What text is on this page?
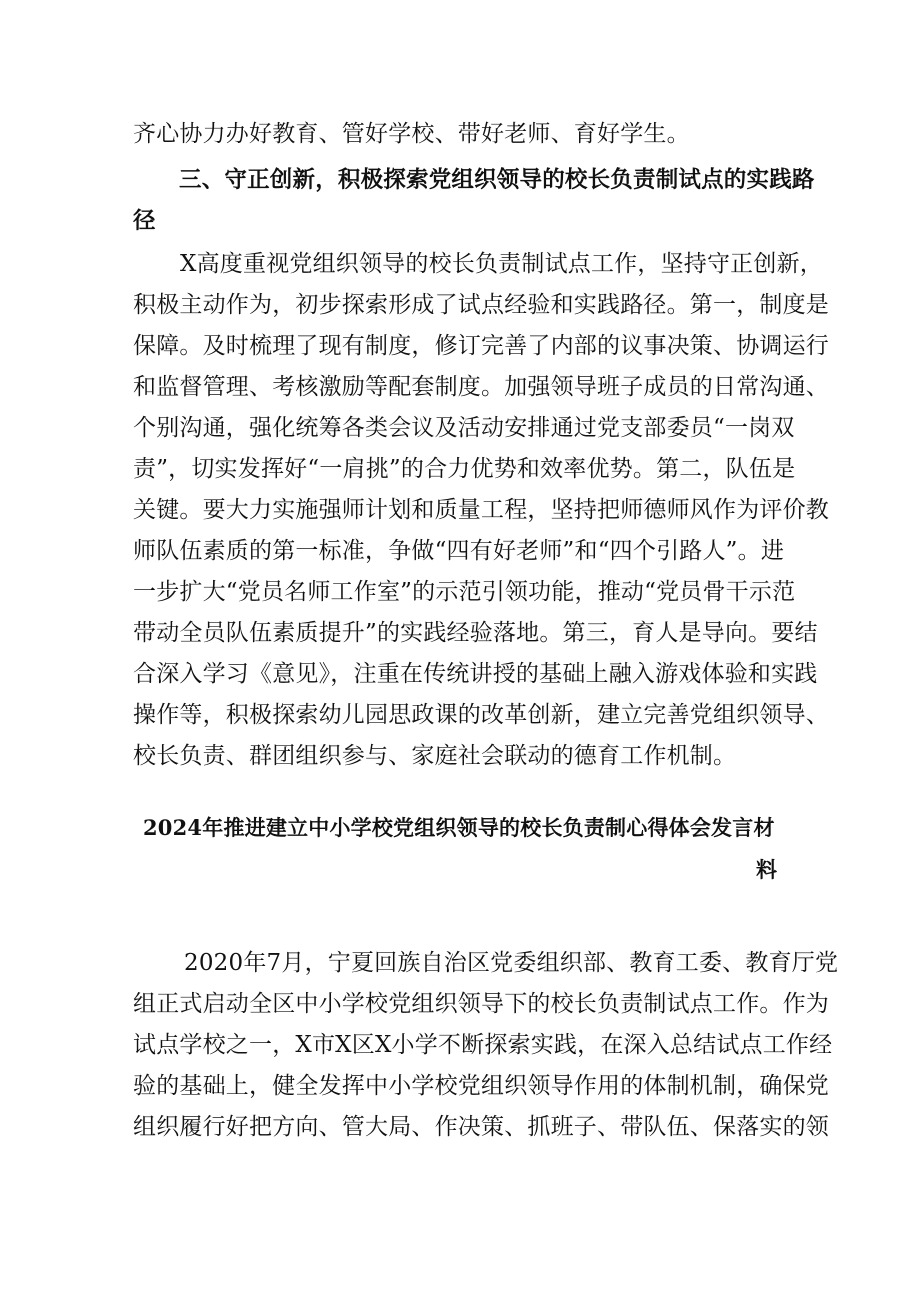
齐心协力办好教育、管好学校、带好老师、育好学生。
三、守正创新，积极探索党组织领导的校长负责制试点的实践路
径
X高度重视党组织领导的校长负责制试点工作，坚持守正创新，
积极主动作为，初步探索形成了试点经验和实践路径。第一，制度是
保障。及时梳理了现有制度，修订完善了内部的议事决策、协调运行
和监督管理、考核激励等配套制度。加强领导班子成员的日常沟通、
个别沟通，强化统筹各类会议及活动安排通过党支部委员“一岗双
责”，切实发挥好“一肩挑”的合力优势和效率优势。第二，队伍是
关键。要大力实施强师计划和质量工程，坚持把师德师风作为评价教
师队伍素质的第一标准，争做“四有好老师”和“四个引路人”。进
一步扩大“党员名师工作室”的示范引领功能，推动“党员骨干示范
带动全员队伍素质提升”的实践经验落地。第三，育人是导向。要结
合深入学习《意见》，注重在传统讲授的基础上融入游戏体验和实践
操作等，积极探索幼儿园思政课的改革创新，建立完善党组织领导、
校长负责、群团组织参与、家庭社会联动的德育工作机制。
2024年推进建立中小学校党组织领导的校长负责制心得体会发言材
料
2020年7月，宁夏回族自治区党委组织部、教育工委、教育厅党
组正式启动全区中小学校党组织领导下的校长负责制试点工作。作为
试点学校之一，X市X区X小学不断探索实践，在深入总结试点工作经
验的基础上，健全发挥中小学校党组织领导作用的体制机制，确保党
组织履行好把方向、管大局、作决策、抓班子、带队伍、保落实的领
